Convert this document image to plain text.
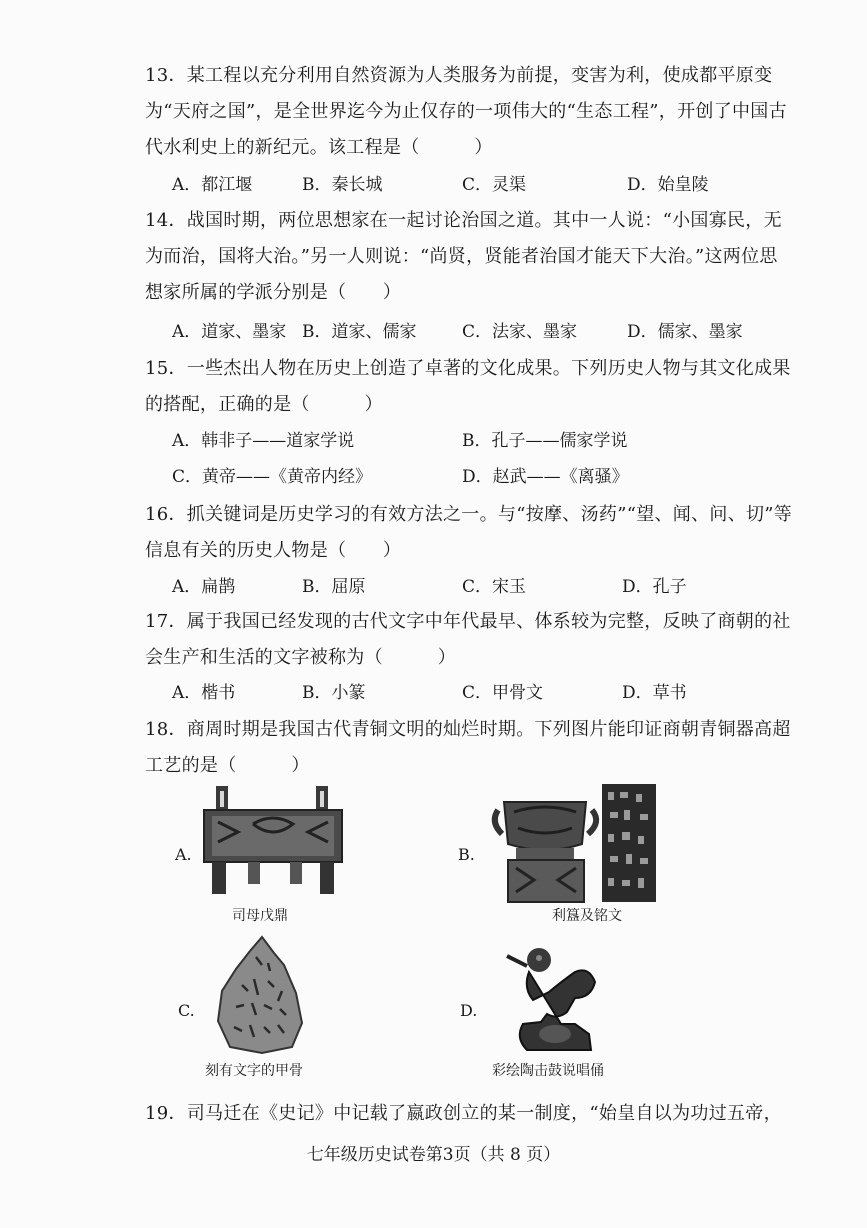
13．某工程以充分利用自然资源为人类服务为前提，变害为利，使成都平原变为“天府之国”，是全世界迄今为止仅存的一项伟大的“生态工程”，开创了中国古代水利史上的新纪元。该工程是（　　　）
A．都江堰	B．秦长城	C．灵渠	D．始皇陵
14．战国时期，两位思想家在一起讨论治国之道。其中一人说：“小国寡民，无为而治，国将大治。”另一人则说：“尚贤，贤能者治国才能天下大治。”这两位思想家所属的学派分别是（　　）
A．道家、墨家 B．道家、儒家	C．法家、墨家	D．儒家、墨家
15．一些杰出人物在历史上创造了卓著的文化成果。下列历史人物与其文化成果的搭配，正确的是（　　　）
A．韩非子——道家学说	B．孔子——儒家学说
C．黄帝——《黄帝内经》	D．赵武——《离骚》
16．抓关键词是历史学习的有效方法之一。与“按摩、汤药”“望、闻、问、切”等信息有关的历史人物是（　　）
A．扁鹊	B．屈原	C．宋玉	D．孔子
17．属于我国已经发现的古代文字中年代最早、体系较为完整，反映了商朝的社会生产和生活的文字被称为（　　　）
A．楷书	B．小篆	C．甲骨文	D．草书
18．商周时期是我国古代青铜文明的灿烂时期。下列图片能印证商朝青铜器高超工艺的是（　　　）
A.
司母戊鼎
B.
利簋及铭文
C.
刻有文字的甲骨
D.
彩绘陶击鼓说唱俑
19．司马迁在《史记》中记载了嬴政创立的某一制度，“始皇自以为功过五帝，
七年级历史试卷第3页（共 8 页）
